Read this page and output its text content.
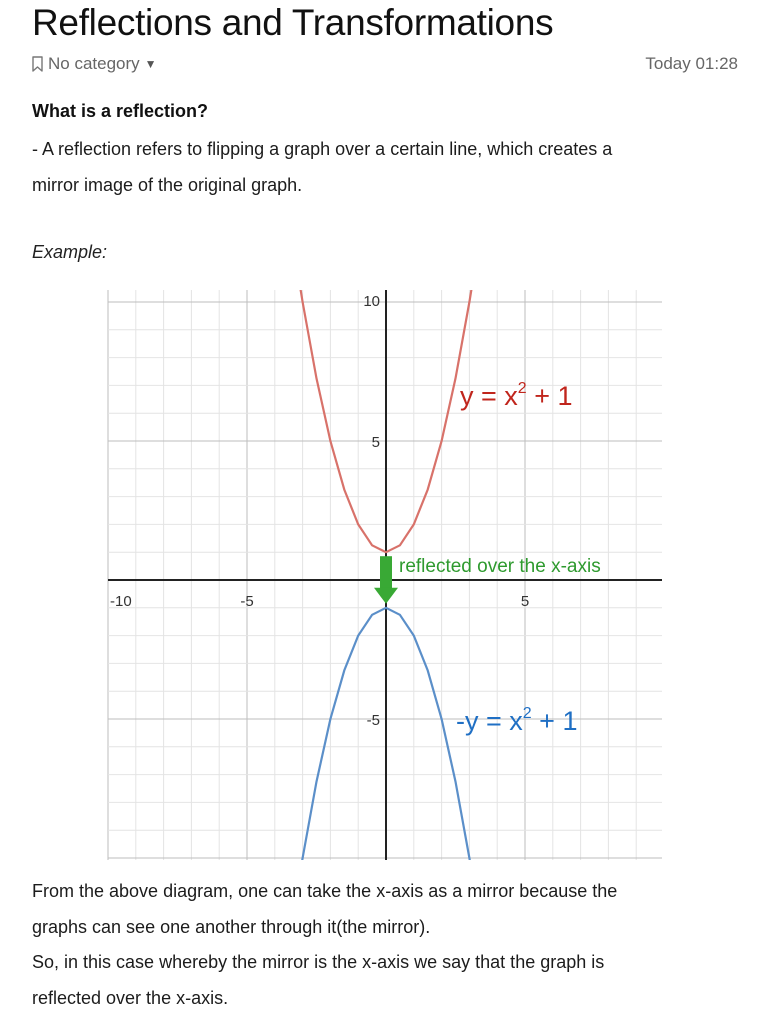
Reflections and Transformations
No category ▼	Today 01:28
What is a reflection?
- A reflection refers to flipping a graph over a certain line, which creates a
mirror image of the original graph.
Example:
-10	-5	5
10
5
-5
$y = x^2 + 1$
$-y = x^2 + 1$
reflected over the x-axis
From the above diagram, one can take the x-axis as a mirror because the
graphs can see one another through it(the mirror).
So, in this case whereby the mirror is the x-axis we say that the graph is
reflected over the x-axis.
